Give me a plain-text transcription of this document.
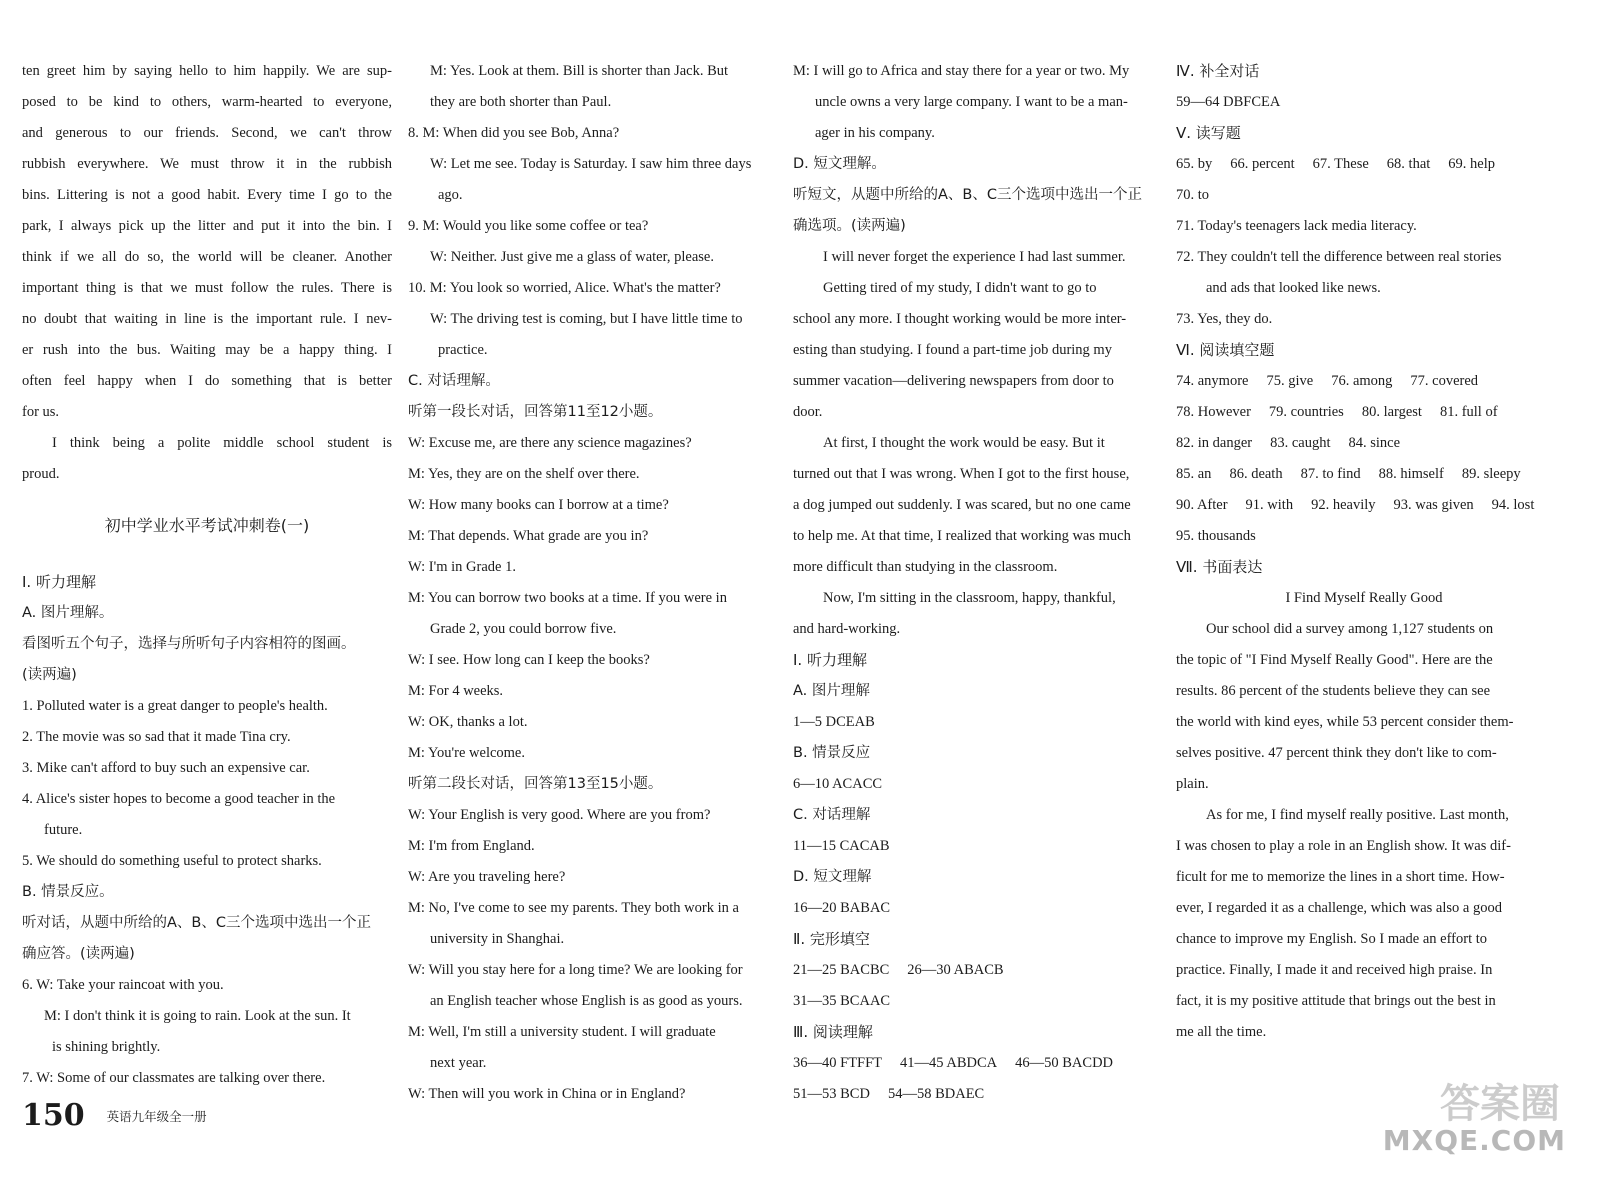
ten greet him by saying hello to him happily. We are sup-
posed to be kind to others, warm-hearted to everyone,
and generous to our friends. Second, we can't throw
rubbish everywhere. We must throw it in the rubbish
bins. Littering is not a good habit. Every time I go to the
park, I always pick up the litter and put it into the bin. I
think if we all do so, the world will be cleaner. Another
important thing is that we must follow the rules. There is
no doubt that waiting in line is the important rule. I nev-
er rush into the bus. Waiting may be a happy thing. I
often feel happy when I do something that is better
for us.
I think being a polite middle school student is
proud.
初中学业水平考试冲刺卷(一)
Ⅰ. 听力理解
A. 图片理解。
看图听五个句子，选择与所听句子内容相符的图画。
(读两遍)
1. Polluted water is a great danger to people's health.
2. The movie was so sad that it made Tina cry.
3. Mike can't afford to buy such an expensive car.
4. Alice's sister hopes to become a good teacher in the
future.
5. We should do something useful to protect sharks.
B. 情景反应。
听对话，从题中所给的A、B、C三个选项中选出一个正
确应答。(读两遍)
6. W: Take your raincoat with you.
M: I don't think it is going to rain. Look at the sun. It
is shining brightly.
7. W: Some of our classmates are talking over there.
M: Yes. Look at them. Bill is shorter than Jack. But
they are both shorter than Paul.
8. M: When did you see Bob, Anna?
W: Let me see. Today is Saturday. I saw him three days
ago.
9. M: Would you like some coffee or tea?
W: Neither. Just give me a glass of water, please.
10. M: You look so worried, Alice. What's the matter?
W: The driving test is coming, but I have little time to
practice.
C. 对话理解。
听第一段长对话，回答第11至12小题。
W: Excuse me, are there any science magazines?
M: Yes, they are on the shelf over there.
W: How many books can I borrow at a time?
M: That depends. What grade are you in?
W: I'm in Grade 1.
M: You can borrow two books at a time. If you were in
Grade 2, you could borrow five.
W: I see. How long can I keep the books?
M: For 4 weeks.
W: OK, thanks a lot.
M: You're welcome.
听第二段长对话，回答第13至15小题。
W: Your English is very good. Where are you from?
M: I'm from England.
W: Are you traveling here?
M: No, I've come to see my parents. They both work in a
university in Shanghai.
W: Will you stay here for a long time? We are looking for
an English teacher whose English is as good as yours.
M: Well, I'm still a university student. I will graduate
next year.
W: Then will you work in China or in England?
M: I will go to Africa and stay there for a year or two. My
uncle owns a very large company. I want to be a man-
ager in his company.
D. 短文理解。
听短文，从题中所给的A、B、C三个选项中选出一个正
确选项。(读两遍)
I will never forget the experience I had last summer.
Getting tired of my study, I didn't want to go to
school any more. I thought working would be more inter-
esting than studying. I found a part-time job during my
summer vacation—delivering newspapers from door to
door.
At first, I thought the work would be easy. But it
turned out that I was wrong. When I got to the first house,
a dog jumped out suddenly. I was scared, but no one came
to help me. At that time, I realized that working was much
more difficult than studying in the classroom.
Now, I'm sitting in the classroom, happy, thankful,
and hard-working.
Ⅰ. 听力理解
A. 图片理解
1—5 DCEAB
B. 情景反应
6—10 ACACC
C. 对话理解
11—15 CACAB
D. 短文理解
16—20 BABAC
Ⅱ. 完形填空
21—25 BACBC 26—30 ABACB
31—35 BCAAC
Ⅲ. 阅读理解
36—40 FTFFT 41—45 ABDCA 46—50 BACDD
51—53 BCD 54—58 BDAEC
Ⅳ. 补全对话
59—64 DBFCEA
Ⅴ. 读写题
65. by 66. percent 67. These 68. that 69. help
70. to
71. Today's teenagers lack media literacy.
72. They couldn't tell the difference between real stories
and ads that looked like news.
73. Yes, they do.
Ⅵ. 阅读填空题
74. anymore 75. give 76. among 77. covered
78. However 79. countries 80. largest 81. full of
82. in danger 83. caught 84. since
85. an 86. death 87. to find 88. himself 89. sleepy
90. After 91. with 92. heavily 93. was given 94. lost
95. thousands
Ⅶ. 书面表达
I Find Myself Really Good
Our school did a survey among 1,127 students on
the topic of "I Find Myself Really Good". Here are the
results. 86 percent of the students believe they can see
the world with kind eyes, while 53 percent consider them-
selves positive. 47 percent think they don't like to com-
plain.
As for me, I find myself really positive. Last month,
I was chosen to play a role in an English show. It was dif-
ficult for me to memorize the lines in a short time. How-
ever, I regarded it as a challenge, which was also a good
chance to improve my English. So I made an effort to
practice. Finally, I made it and received high praise. In
fact, it is my positive attitude that brings out the best in
me all the time.
150 英语九年级全一册	答案圈
MXQE.COM
